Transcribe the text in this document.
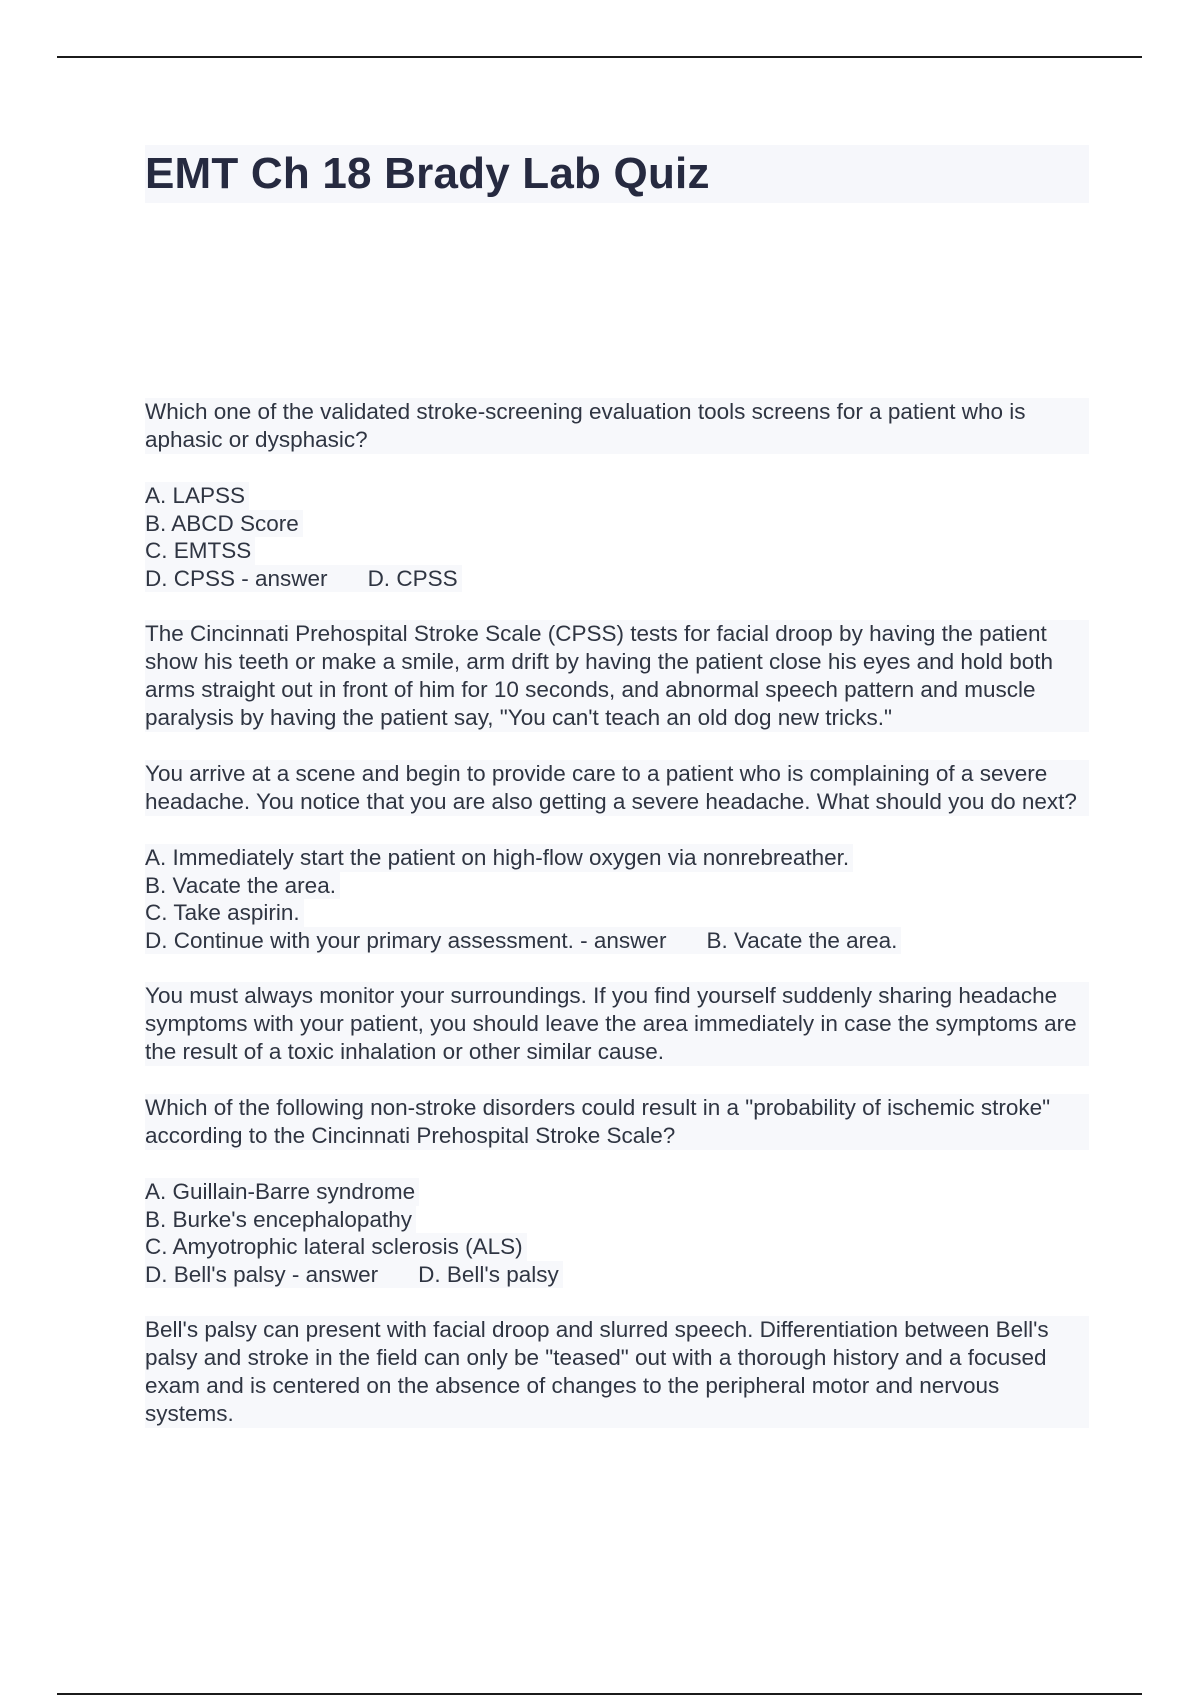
EMT Ch 18 Brady Lab Quiz

Which one of the validated stroke-screening evaluation tools screens for a patient who is aphasic or dysphasic?

A. LAPSS
B. ABCD Score
C. EMTSS
D. CPSS - answer D. CPSS

The Cincinnati Prehospital Stroke Scale (CPSS) tests for facial droop by having the patient show his teeth or make a smile, arm drift by having the patient close his eyes and hold both arms straight out in front of him for 10 seconds, and abnormal speech pattern and muscle paralysis by having the patient say, "You can't teach an old dog new tricks."

You arrive at a scene and begin to provide care to a patient who is complaining of a severe headache. You notice that you are also getting a severe headache. What should you do next?

A. Immediately start the patient on high-flow oxygen via nonrebreather.
B. Vacate the area.
C. Take aspirin.
D. Continue with your primary assessment. - answer B. Vacate the area.

You must always monitor your surroundings. If you find yourself suddenly sharing headache symptoms with your patient, you should leave the area immediately in case the symptoms are the result of a toxic inhalation or other similar cause.

Which of the following non-stroke disorders could result in a "probability of ischemic stroke" according to the Cincinnati Prehospital Stroke Scale?

A. Guillain-Barre syndrome
B. Burke's encephalopathy
C. Amyotrophic lateral sclerosis (ALS)
D. Bell's palsy - answer D. Bell's palsy

Bell's palsy can present with facial droop and slurred speech. Differentiation between Bell's palsy and stroke in the field can only be "teased" out with a thorough history and a focused exam and is centered on the absence of changes to the peripheral motor and nervous systems.
